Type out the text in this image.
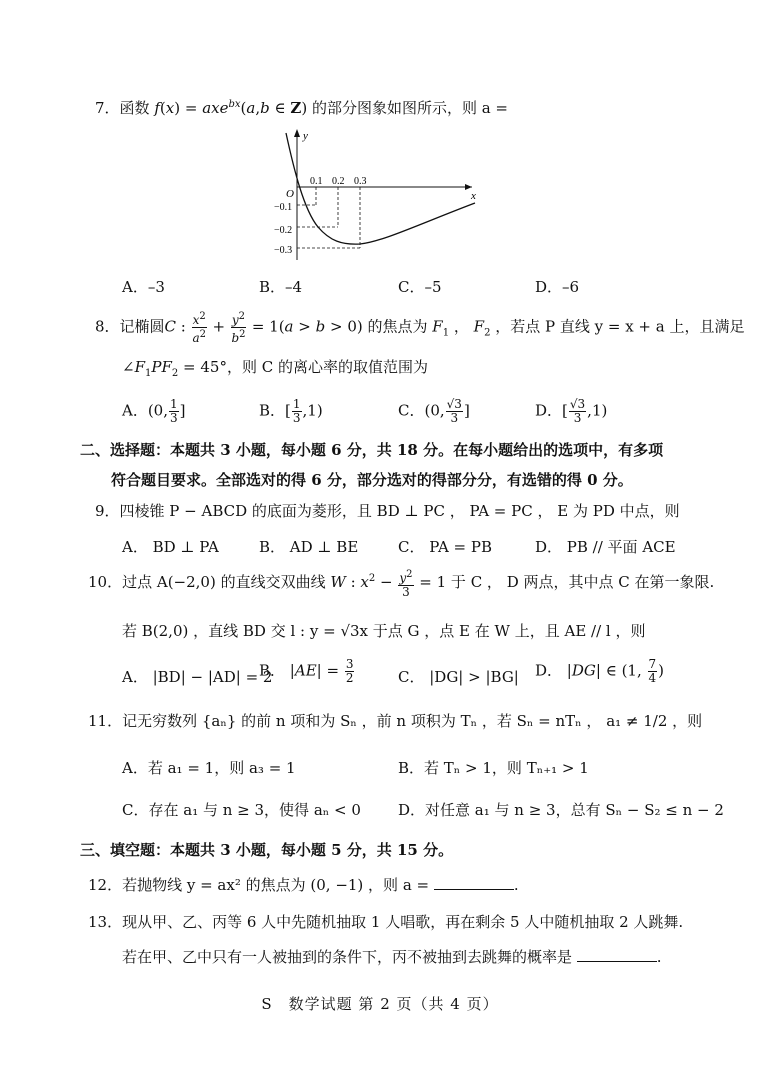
7．函数 f(x) = axe$^{bx}$(a,b ∈ Z) 的部分图象如图所示，则 a =
y
x
O
0.1 0.2 0.3
−0.1
−0.2
−0.3
A．–3	B．–4	C．–5	D．–6
8．记椭圆C : $\frac{x^2}{a^2} + \frac{y^2}{b^2} = 1(a > b > 0)$ 的焦点为 $F_1$ ， $F_2$ ，若点 P 直线 y = x + a 上，且满足
$\angle F_1PF_2 = 45^\circ$，则 C 的离心率的取值范围为
A．(0, $\frac{1}{3}$ ]	B．[ $\frac{1}{3} ,1$)	C．(0, $\frac{√3}{3}$ ]	D．[ $\frac{√3}{3} ,1$)
二、选择题：本题共 3 小题，每小题 6 分，共 18 分。在每小题给出的选项中，有多项
符合题目要求。全部选对的得 6 分，部分选对的得部分分，有选错的得 0 分。
9．四棱锥 P − ABCD 的底面为菱形，且 BD ⊥ PC ， PA = PC ， E 为 PD 中点，则
A． BD ⊥ PA	B． AD ⊥ BE	C． PA = PB	D． PB // 平面 ACE
10．过点 A(−2,0) 的直线交双曲线 W : $x^2 - \frac{y^2}{3} = 1$ 于 C ， D 两点，其中点 C 在第一象限.
若 B(2,0) ，直线 BD 交 l : y = √3x 于点 G ，点 E 在 W 上，且 AE // l ，则
A． |BD| − |AD| = 2
B． $|AE| = \frac{3}{2}$	C． |DG| > |BG| D． |DG| ∈ (1, $\frac{7}{4}$ )
11．记无穷数列 {aₙ} 的前 n 项和为 Sₙ ，前 n 项积为 Tₙ ，若 Sₙ = nTₙ ， a₁ ≠ 1/2 ，则
A．若 a₁ = 1，则 a₃ = 1	B．若 Tₙ > 1，则 Tₙ₊₁ > 1
C．存在 a₁ 与 n ≥ 3，使得 aₙ < 0 D．对任意 a₁ 与 n ≥ 3，总有 Sₙ − S₂ ≤ n − 2
三、填空题：本题共 3 小题，每小题 5 分，共 15 分。
12．若抛物线 y = ax² 的焦点为 (0, −1) ，则 a =	.
13．现从甲、乙、丙等 6 人中先随机抽取 1 人唱歌，再在剩余 5 人中随机抽取 2 人跳舞.
若在甲、乙中只有一人被抽到的条件下，丙不被抽到去跳舞的概率是	.
S　数学试题 第 2 页（共 4 页）
